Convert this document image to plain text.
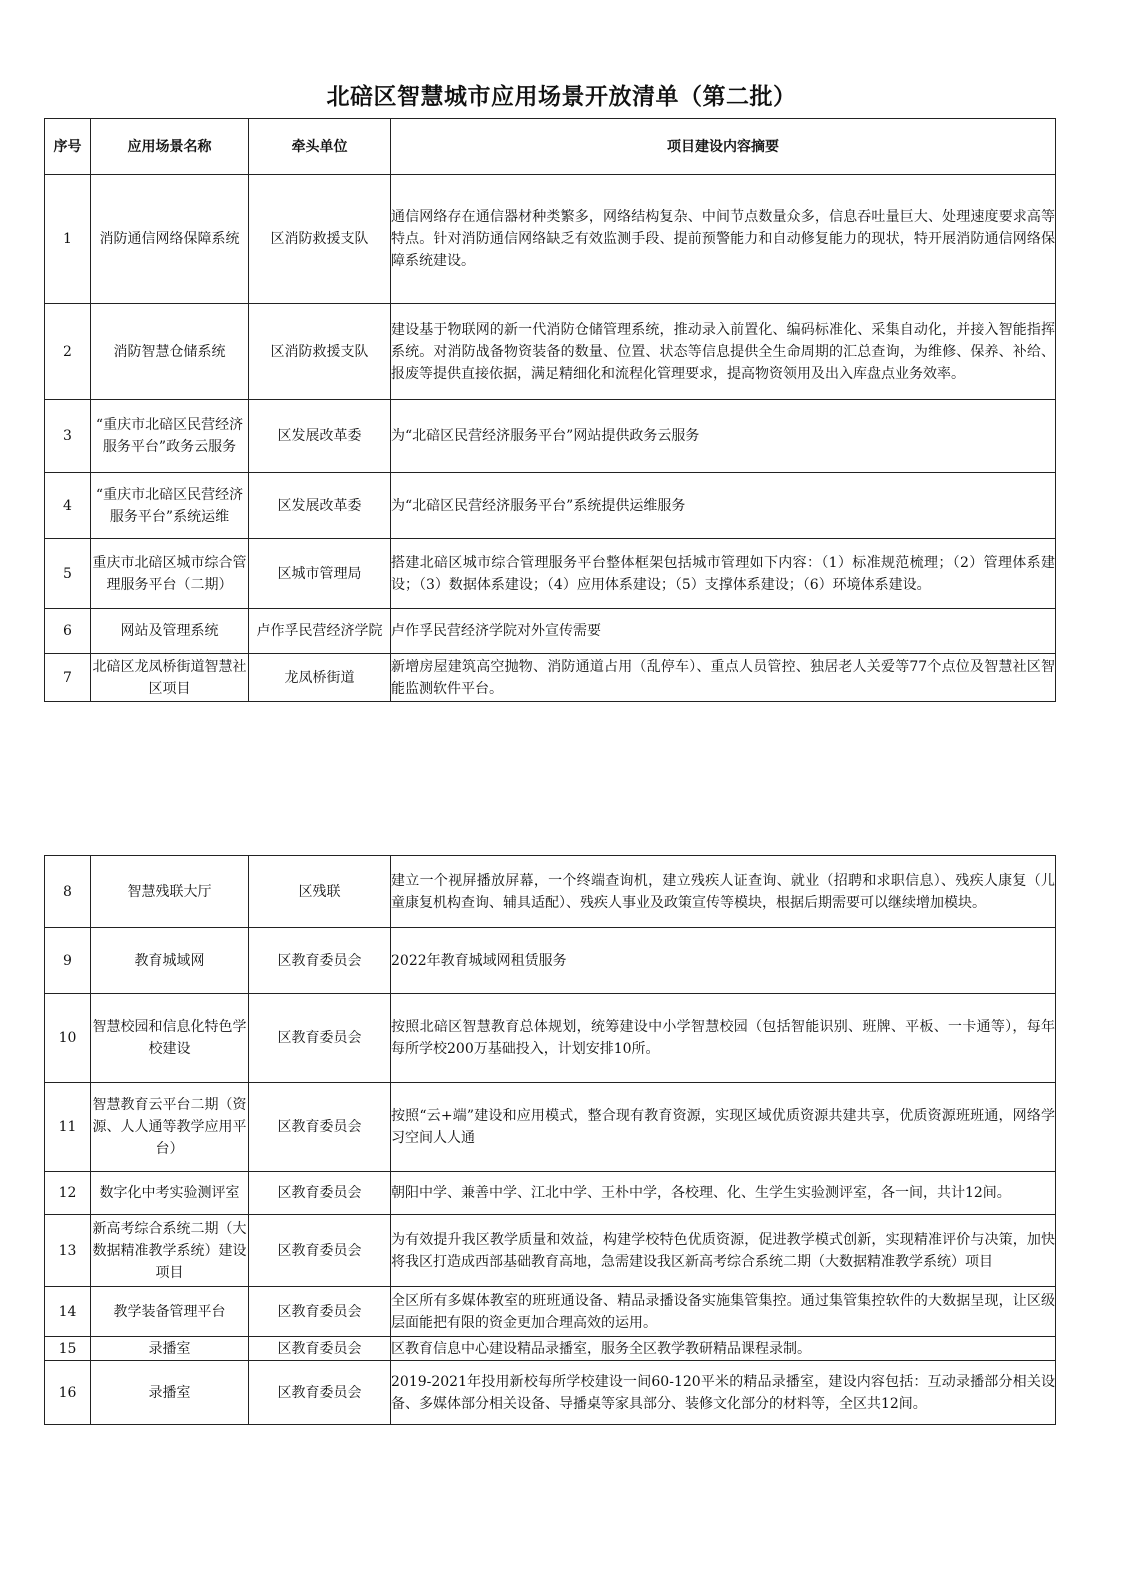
北碚区智慧城市应用场景开放清单（第二批）
序号	应用场景名称	牵头单位	项目建设内容摘要
1	消防通信网络保障系统	区消防救援支队	通信网络存在通信器材种类繁多，网络结构复杂、中间节点数量众多，信息吞吐量巨大、处理速度要求高等特点。针对消防通信网络缺乏有效监测手段、提前预警能力和自动修复能力的现状，特开展消防通信网络保障系统建设。
2	消防智慧仓储系统	区消防救援支队	建设基于物联网的新一代消防仓储管理系统，推动录入前置化、编码标准化、采集自动化，并接入智能指挥系统。对消防战备物资装备的数量、位置、状态等信息提供全生命周期的汇总查询，为维修、保养、补给、报废等提供直接依据，满足精细化和流程化管理要求，提高物资领用及出入库盘点业务效率。
3	“重庆市北碚区民营经济服务平台”政务云服务	区发展改革委	为“北碚区民营经济服务平台”网站提供政务云服务
4	“重庆市北碚区民营经济服务平台”系统运维	区发展改革委	为“北碚区民营经济服务平台”系统提供运维服务
5	重庆市北碚区城市综合管理服务平台（二期）	区城市管理局	搭建北碚区城市综合管理服务平台整体框架包括城市管理如下内容：（1）标准规范梳理；（2）管理体系建设；（3）数据体系建设；（4）应用体系建设；（5）支撑体系建设；（6）环境体系建设。
6	网站及管理系统	卢作孚民营经济学院	卢作孚民营经济学院对外宣传需要
7	北碚区龙凤桥街道智慧社区项目	龙凤桥街道	新增房屋建筑高空抛物、消防通道占用（乱停车）、重点人员管控、独居老人关爱等77个点位及智慧社区智能监测软件平台。
8	智慧残联大厅	区残联	建立一个视屏播放屏幕，一个终端查询机，建立残疾人证查询、就业（招聘和求职信息）、残疾人康复（儿童康复机构查询、辅具适配）、残疾人事业及政策宣传等模块，根据后期需要可以继续增加模块。
9	教育城域网	区教育委员会	2022年教育城域网租赁服务
10	智慧校园和信息化特色学校建设	区教育委员会	按照北碚区智慧教育总体规划，统筹建设中小学智慧校园（包括智能识别、班牌、平板、一卡通等），每年每所学校200万基础投入，计划安排10所。
11	智慧教育云平台二期（资源、人人通等教学应用平台）	区教育委员会	按照“云+端”建设和应用模式，整合现有教育资源，实现区域优质资源共建共享，优质资源班班通，网络学习空间人人通
12	数字化中考实验测评室	区教育委员会	朝阳中学、兼善中学、江北中学、王朴中学，各校理、化、生学生实验测评室，各一间，共计12间。
13	新高考综合系统二期（大数据精准教学系统）建设项目	区教育委员会	为有效提升我区教学质量和效益，构建学校特色优质资源，促进教学模式创新，实现精准评价与决策，加快将我区打造成西部基础教育高地，急需建设我区新高考综合系统二期（大数据精准教学系统）项目
14	教学装备管理平台	区教育委员会	全区所有多媒体教室的班班通设备、精品录播设备实施集管集控。通过集管集控软件的大数据呈现，让区级层面能把有限的资金更加合理高效的运用。
15	录播室	区教育委员会	区教育信息中心建设精品录播室，服务全区教学教研精品课程录制。
16	录播室	区教育委员会	2019-2021年投用新校每所学校建设一间60-120平米的精品录播室，建设内容包括：互动录播部分相关设备、多媒体部分相关设备、导播桌等家具部分、装修文化部分的材料等，全区共12间。
